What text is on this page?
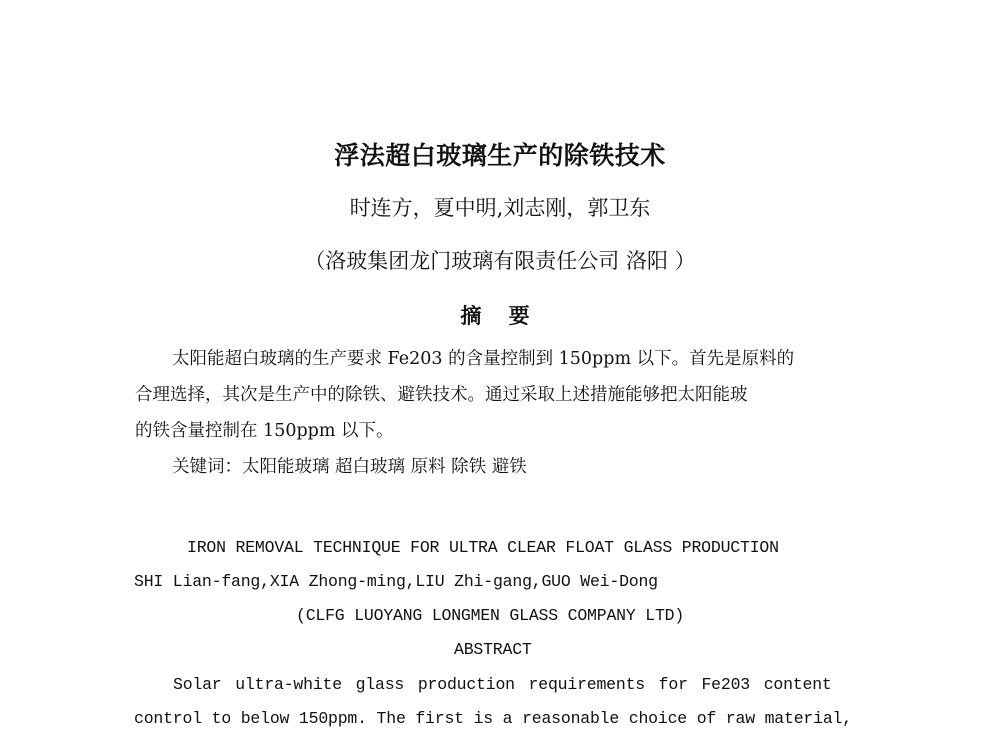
浮法超白玻璃生产的除铁技术
时连方，夏中明,刘志刚，郭卫东
（洛玻集团龙门玻璃有限责任公司 洛阳 ）
摘 要
太阳能超白玻璃的生产要求 Fe203 的含量控制到 150ppm 以下。首先是原料的
合理选择，其次是生产中的除铁、避铁技术。通过采取上述措施能够把太阳能玻
的铁含量控制在 150ppm 以下。
关键词：太阳能玻璃 超白玻璃 原料 除铁 避铁
IRON REMOVAL TECHNIQUE FOR ULTRA CLEAR FLOAT GLASS PRODUCTION
SHI Lian-fang,XIA Zhong-ming,LIU Zhi-gang,GUO Wei-Dong
(CLFG LUOYANG LONGMEN GLASS COMPANY LTD)
ABSTRACT
Solar ultra-white glass production requirements for Fe203 content
control to below 150ppm. The first is a reasonable choice of raw material,
